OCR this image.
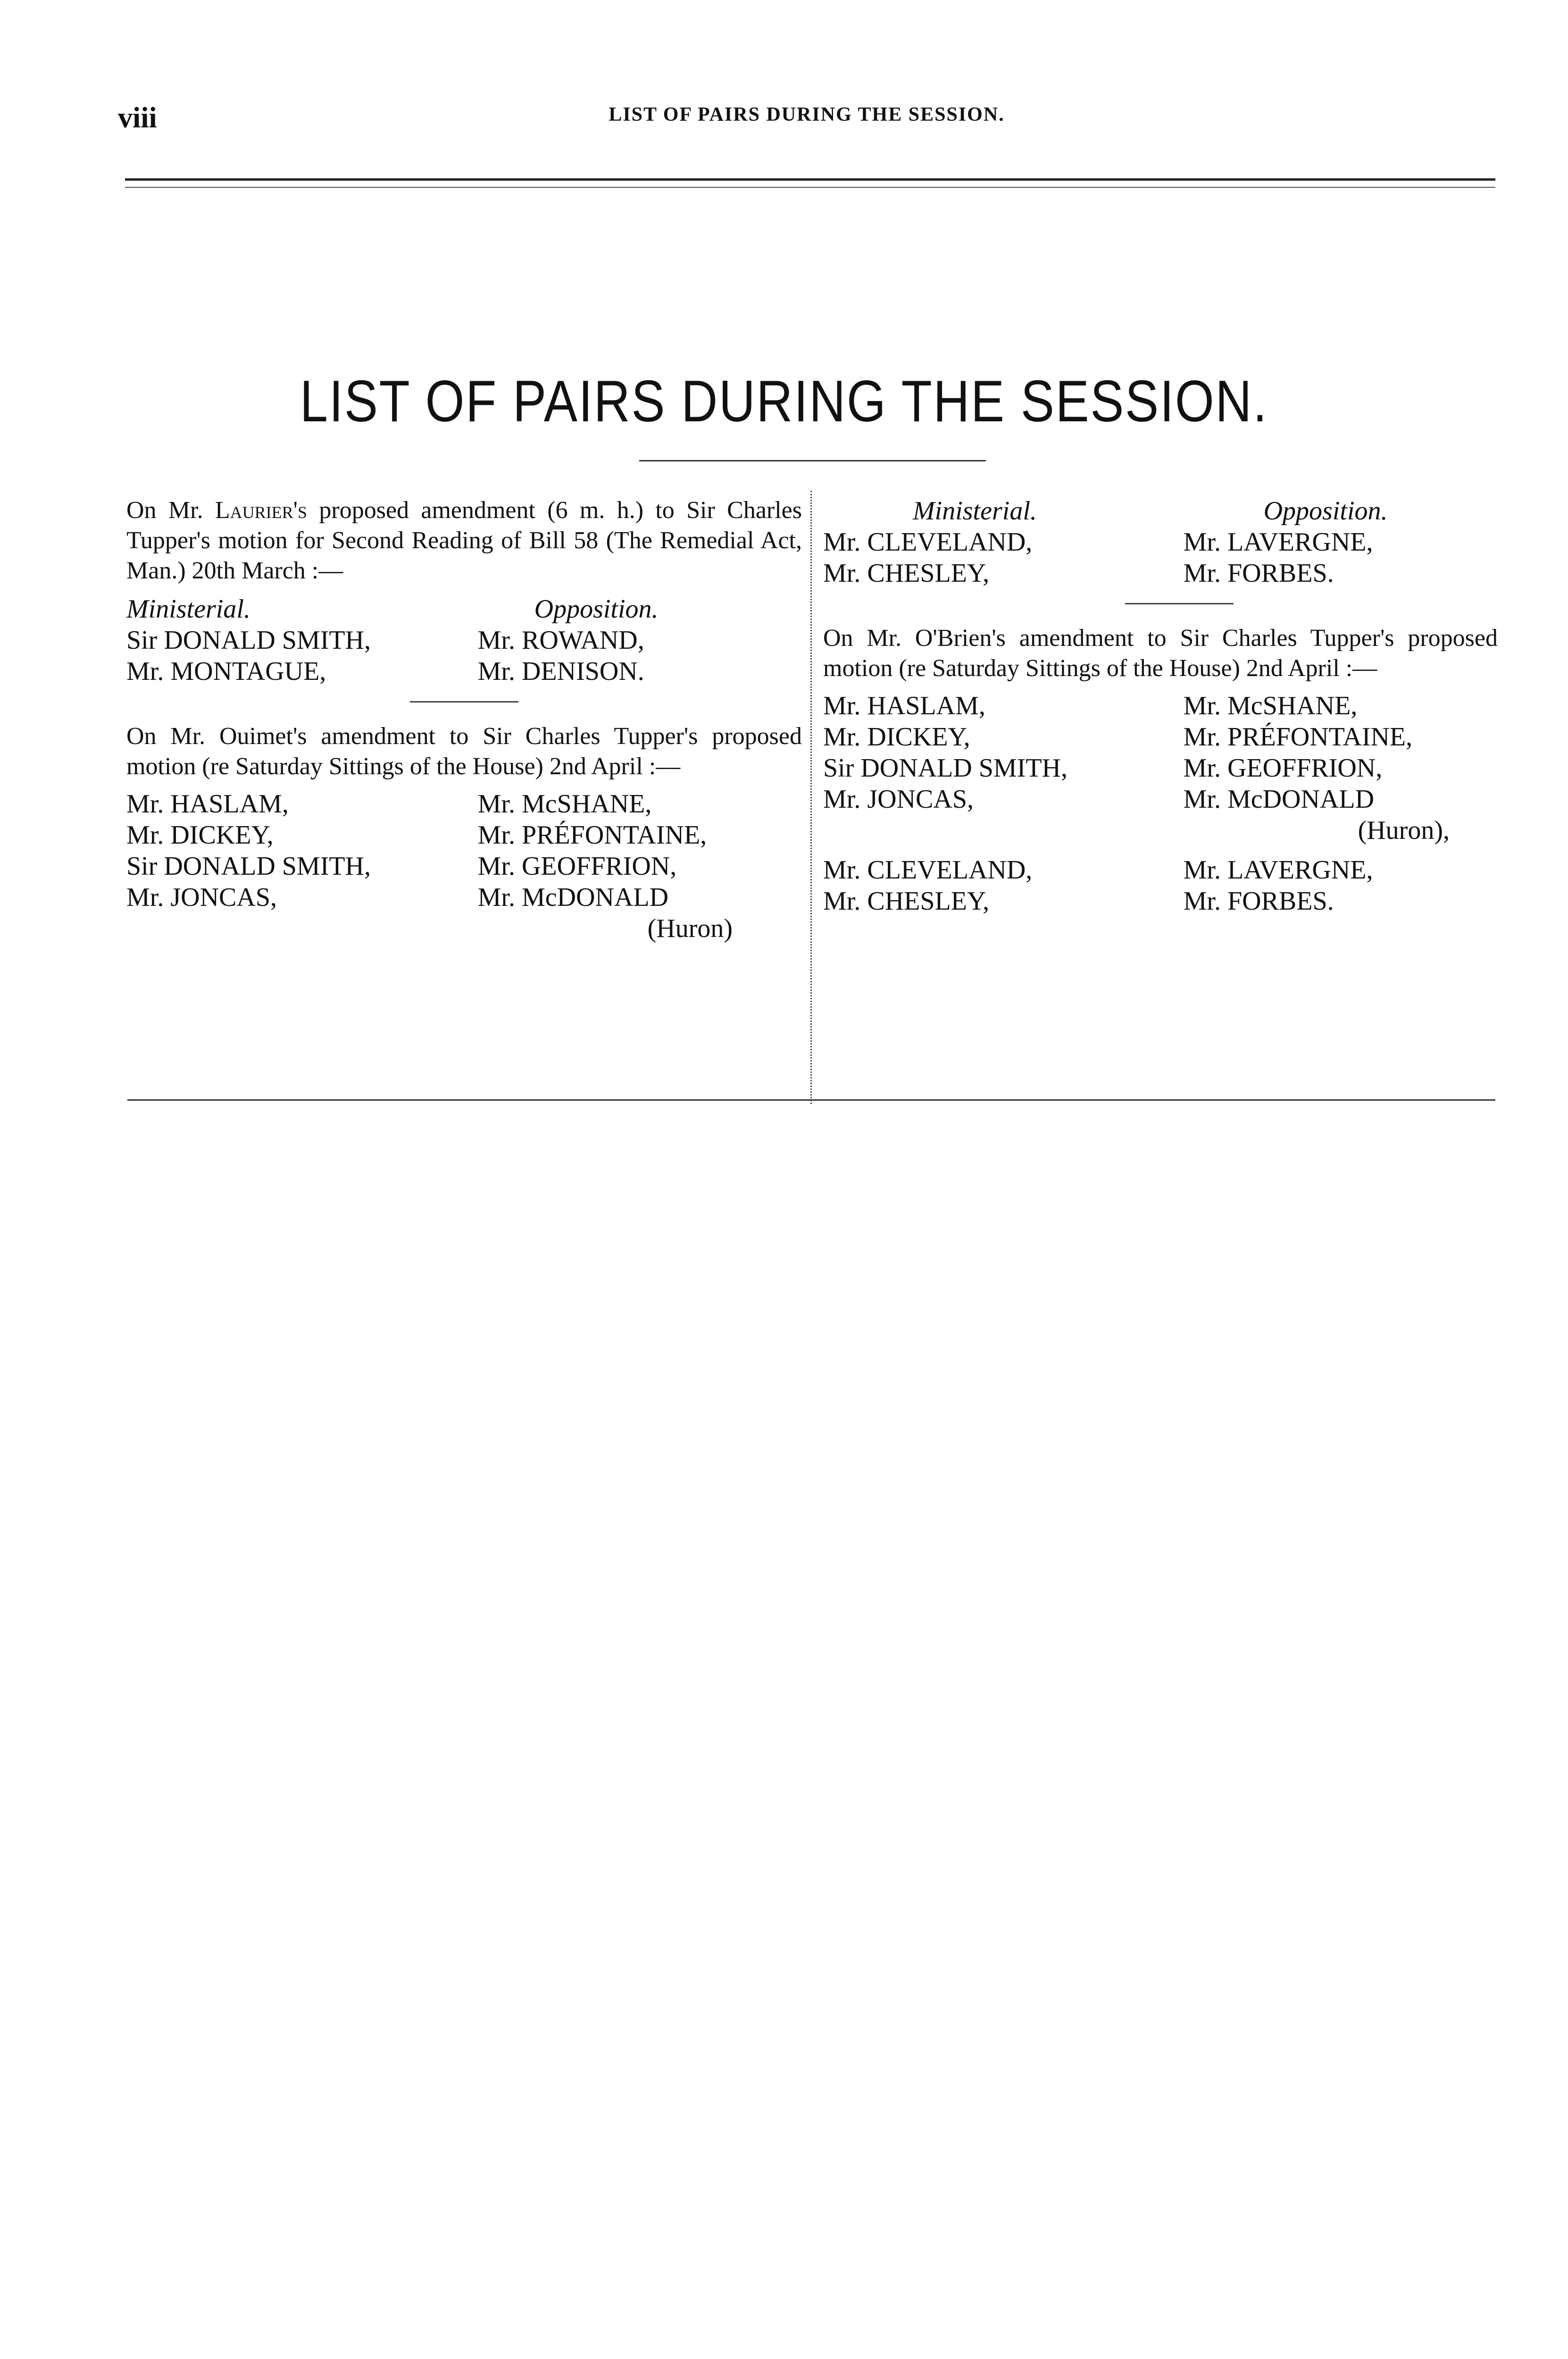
viii	LIST OF PAIRS DURING THE SESSION.
LIST OF PAIRS DURING THE SESSION.

On Mr. Laurier's proposed amendment (6 m. h.) to Sir Charles Tupper's motion for Second Reading of Bill 58 (The Remedial Act, Man.) 20th March :—

Ministerial.	Opposition.
Sir DONALD SMITH,	Mr. ROWAND,
Mr. MONTAGUE,	Mr. DENISON.

On Mr. Ouimet's amendment to Sir Charles Tupper's proposed motion (re Saturday Sittings of the House) 2nd April :—

Mr. HASLAM,	Mr. McSHANE,
Mr. DICKEY,	Mr. PRÉFONTAINE,
Sir DONALD SMITH,	Mr. GEOFFRION,
Mr. JONCAS,	Mr. McDONALD
	(Huron)
Ministerial.	Opposition.
Mr. CLEVELAND,	Mr. LAVERGNE,
Mr. CHESLEY,	Mr. FORBES.

On Mr. O'Brien's amendment to Sir Charles Tupper's proposed motion (re Saturday Sittings of the House) 2nd April :—

Mr. HASLAM,	Mr. McSHANE,
Mr. DICKEY,	Mr. PRÉFONTAINE,
Sir DONALD SMITH,	Mr. GEOFFRION,
Mr. JONCAS,	Mr. McDONALD
	(Huron),
Mr. CLEVELAND,	Mr. LAVERGNE,
Mr. CHESLEY,	Mr. FORBES.
